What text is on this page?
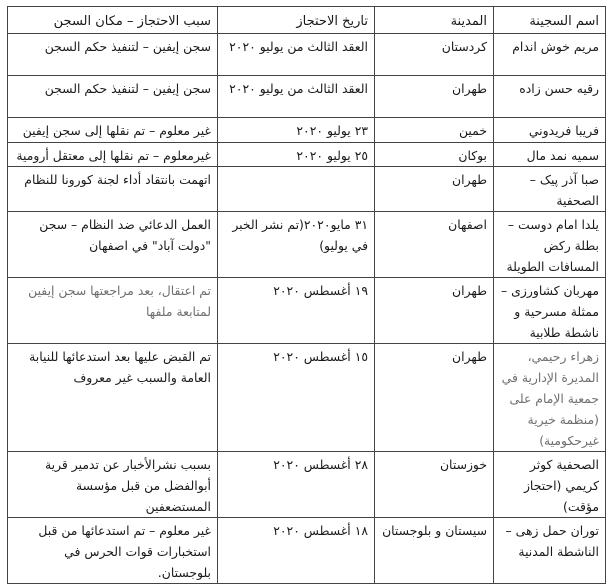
اسم السجينة	المدينة	تاريخ الاحتجاز	سبب الاحتجاز – مكان السجن
مريم خوش اندام	كردستان	العقد الثالث من يوليو ٢٠٢٠	سجن إيفين – لتنفيذ حكم السجن
رقيه حسن زاده	طهران	العقد الثالث من يوليو ٢٠٢٠	سجن إيفين – لتنفيذ حكم السجن
فريبا فريدوني	خمين	٢٣ يوليو ٢٠٢٠	غير معلوم – تم نقلها إلى سجن إيفين
سميه نمد مال	بوكان	٢٥ يوليو ٢٠٢٠	غيرمعلوم – تم نقلها إلى معتقل أرومية
صبا آذر پيک – الصحفية	طهران		اتهمت بانتقاد أداء لجنة كورونا للنظام
يلدا امام دوست – بطلة ركض المسافات الطويلة	اصفهان	٣١ مايو٢٠٢٠(تم نشر الخبر في يوليو)	العمل الدعائي ضد النظام – سجن "دولت آباد" في اصفهان
مهربان كشاورزى – ممثلة مسرحية و ناشطة طلابية	طهران	١٩ أغسطس ٢٠٢٠	تم اعتقال، بعد مراجعتها سجن إيفين لمتابعة ملفها
زهراء رحيمي، المديرة الإدارية في جمعية الإمام على (منظمة خيرية غيرحكومية)	طهران	١٥ أغسطس ٢٠٢٠	تم القبض عليها بعد استدعائها للنيابة العامة والسبب غير معروف
الصحفية كوثر كريمي (احتجاز مؤقت)	خوزستان	٢٨ أغسطس ٢٠٢٠	بسبب نشرالأخبار عن تدمير قرية أبوالفضل من قبل مؤسسة المستضعفين
توران حمل زهى – الناشطة المدنية	سيستان و بلوجستان	١٨ أغسطس ٢٠٢٠	غير معلوم – تم استدعائها من قبل استخبارات قوات الحرس في بلوجستان.
